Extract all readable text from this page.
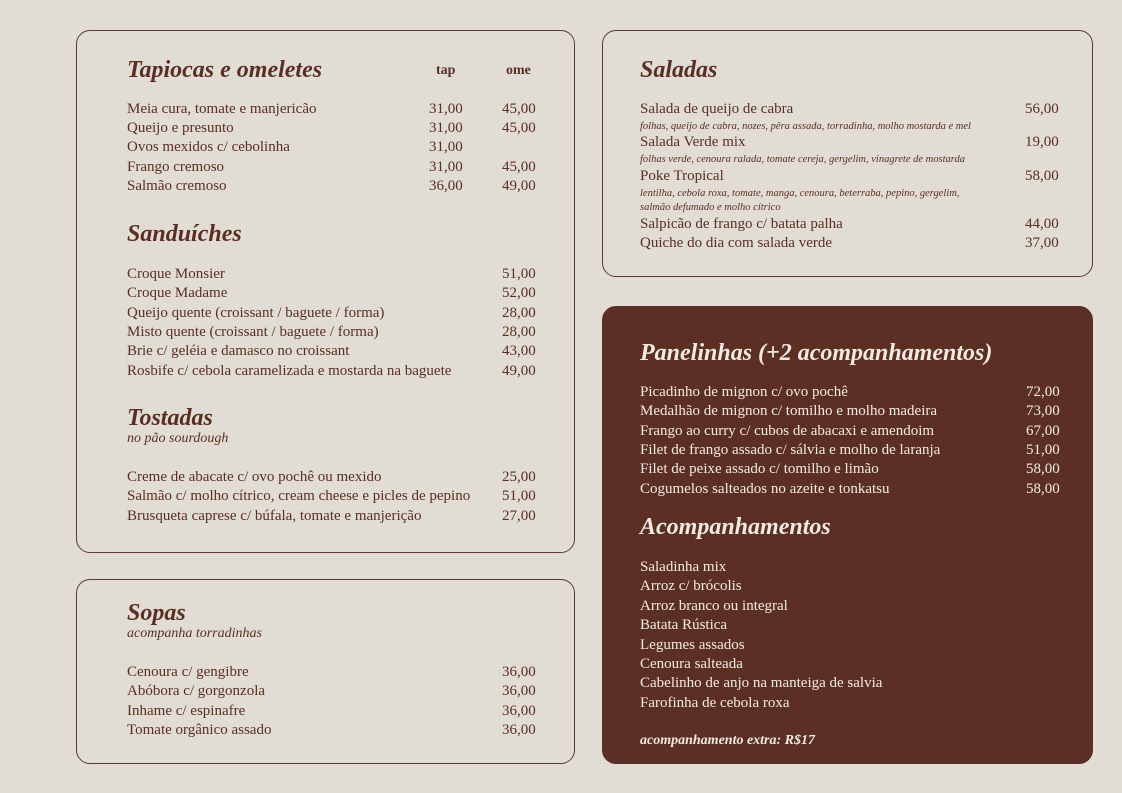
Tapiocas e omeletes	tap	ome
Meia cura, tomate e manjericão	31,00	45,00
Queijo e presunto	31,00	45,00
Ovos mexidos c/ cebolinha	31,00
Frango cremoso	31,00	45,00
Salmão cremoso	36,00	49,00
Sanduíches
Croque Monsier	51,00
Croque Madame	52,00
Queijo quente (croissant / baguete / forma)	28,00
Misto quente (croissant / baguete / forma)	28,00
Brie c/ geléia e damasco no croissant	43,00
Rosbife c/ cebola caramelizada e mostarda na baguete	49,00
Tostadas
no pão sourdough
Creme de abacate c/ ovo pochê ou mexido	25,00
Salmão c/ molho cítrico, cream cheese e picles de pepino 51,00
Brusqueta caprese c/ búfala, tomate e manjerição	27,00
Sopas
acompanha torradinhas
Cenoura c/ gengibre	36,00
Abóbora c/ gorgonzola	36,00
Inhame c/ espinafre	36,00
Tomate orgânico assado	36,00
Saladas
Salada de queijo de cabra	56,00
folhas, queijo de cabra, nozes, pêra assada, torradinha, molho mostarda e mel
Salada Verde mix	19,00
folhas verde, cenoura ralada, tomate cereja, gergelim, vinagrete de mostarda
Poke Tropical	58,00
lentilha, cebola roxa, tomate, manga, cenoura, beterraba, pepino, gergelim,
salmão defumado e molho cítrico
Salpicão de frango c/ batata palha	44,00
Quiche do dia com salada verde	37,00
Panelinhas (+2 acompanhamentos)
Picadinho de mignon c/ ovo pochê	72,00
Medalhão de mignon c/ tomilho e molho madeira	73,00
Frango ao curry c/ cubos de abacaxi e amendoim	67,00
Filet de frango assado c/ sálvia e molho de laranja	51,00
Filet de peixe assado c/ tomilho e limão	58,00
Cogumelos salteados no azeite e tonkatsu	58,00
Acompanhamentos
Saladinha mix
Arroz c/ brócolis
Arroz branco ou integral
Batata Rústica
Legumes assados
Cenoura salteada
Cabelinho de anjo na manteiga de salvia
Farofinha de cebola roxa
acompanhamento extra: R$17
